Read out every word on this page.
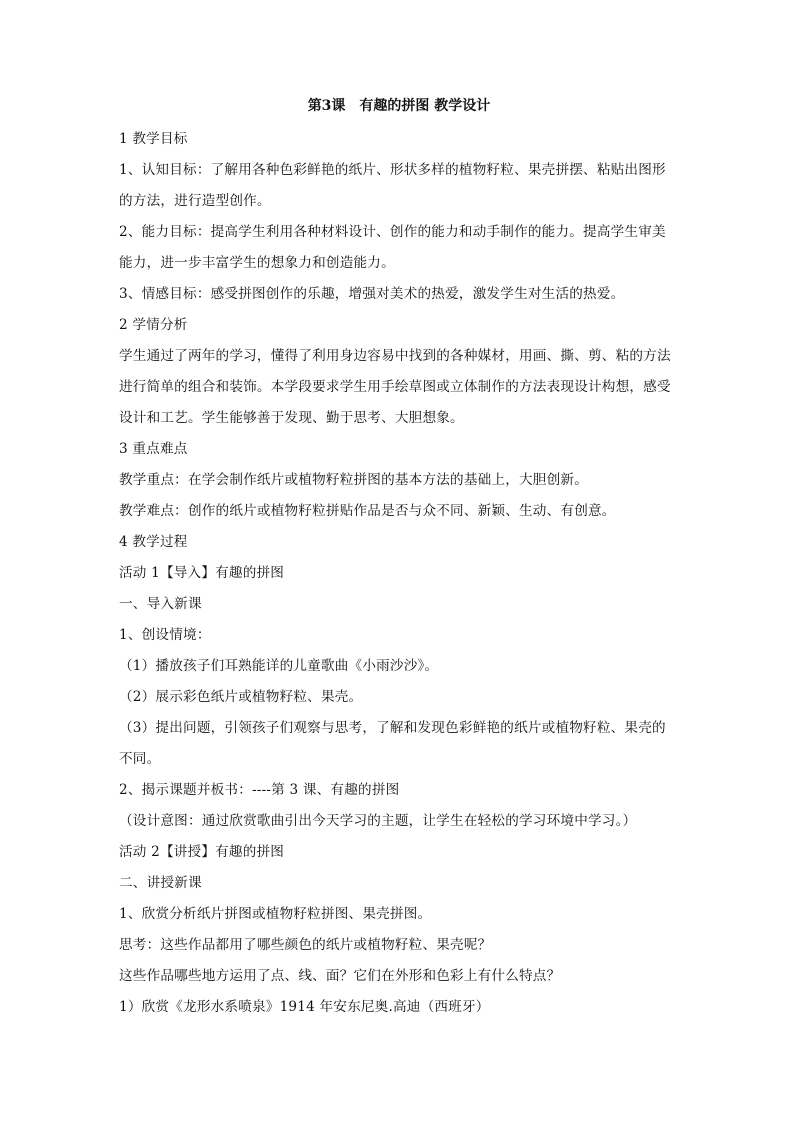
第3课　有趣的拼图 教学设计

1 教学目标

1、认知目标：了解用各种色彩鲜艳的纸片、形状多样的植物籽粒、果壳拼摆、粘贴出图形

的方法，进行造型创作。

2、能力目标：提高学生利用各种材料设计、创作的能力和动手制作的能力。提高学生审美

能力，进一步丰富学生的想象力和创造能力。

3、情感目标：感受拼图创作的乐趣，增强对美术的热爱，激发学生对生活的热爱。

2 学情分析

学生通过了两年的学习，懂得了利用身边容易中找到的各种媒材，用画、撕、剪、粘的方法

进行简单的组合和装饰。本学段要求学生用手绘草图或立体制作的方法表现设计构想，感受

设计和工艺。学生能够善于发现、勤于思考、大胆想象。

3 重点难点

教学重点：在学会制作纸片或植物籽粒拼图的基本方法的基础上，大胆创新。

教学难点：创作的纸片或植物籽粒拼贴作品是否与众不同、新颖、生动、有创意。

4 教学过程

活动 1【导入】有趣的拼图

一、导入新课

1、创设情境：

（1）播放孩子们耳熟能详的儿童歌曲《小雨沙沙》。

（2）展示彩色纸片或植物籽粒、果壳。

（3）提出问题，引领孩子们观察与思考，了解和发现色彩鲜艳的纸片或植物籽粒、果壳的

不同。

2、揭示课题并板书：----第 3 课、有趣的拼图

（设计意图：通过欣赏歌曲引出今天学习的主题，让学生在轻松的学习环境中学习。）

活动 2【讲授】有趣的拼图

二、讲授新课

1、欣赏分析纸片拼图或植物籽粒拼图、果壳拼图。

思考：这些作品都用了哪些颜色的纸片或植物籽粒、果壳呢？

这些作品哪些地方运用了点、线、面？它们在外形和色彩上有什么特点？

1）欣赏《龙形水系喷泉》1914 年安东尼奥.高迪（西班牙）
